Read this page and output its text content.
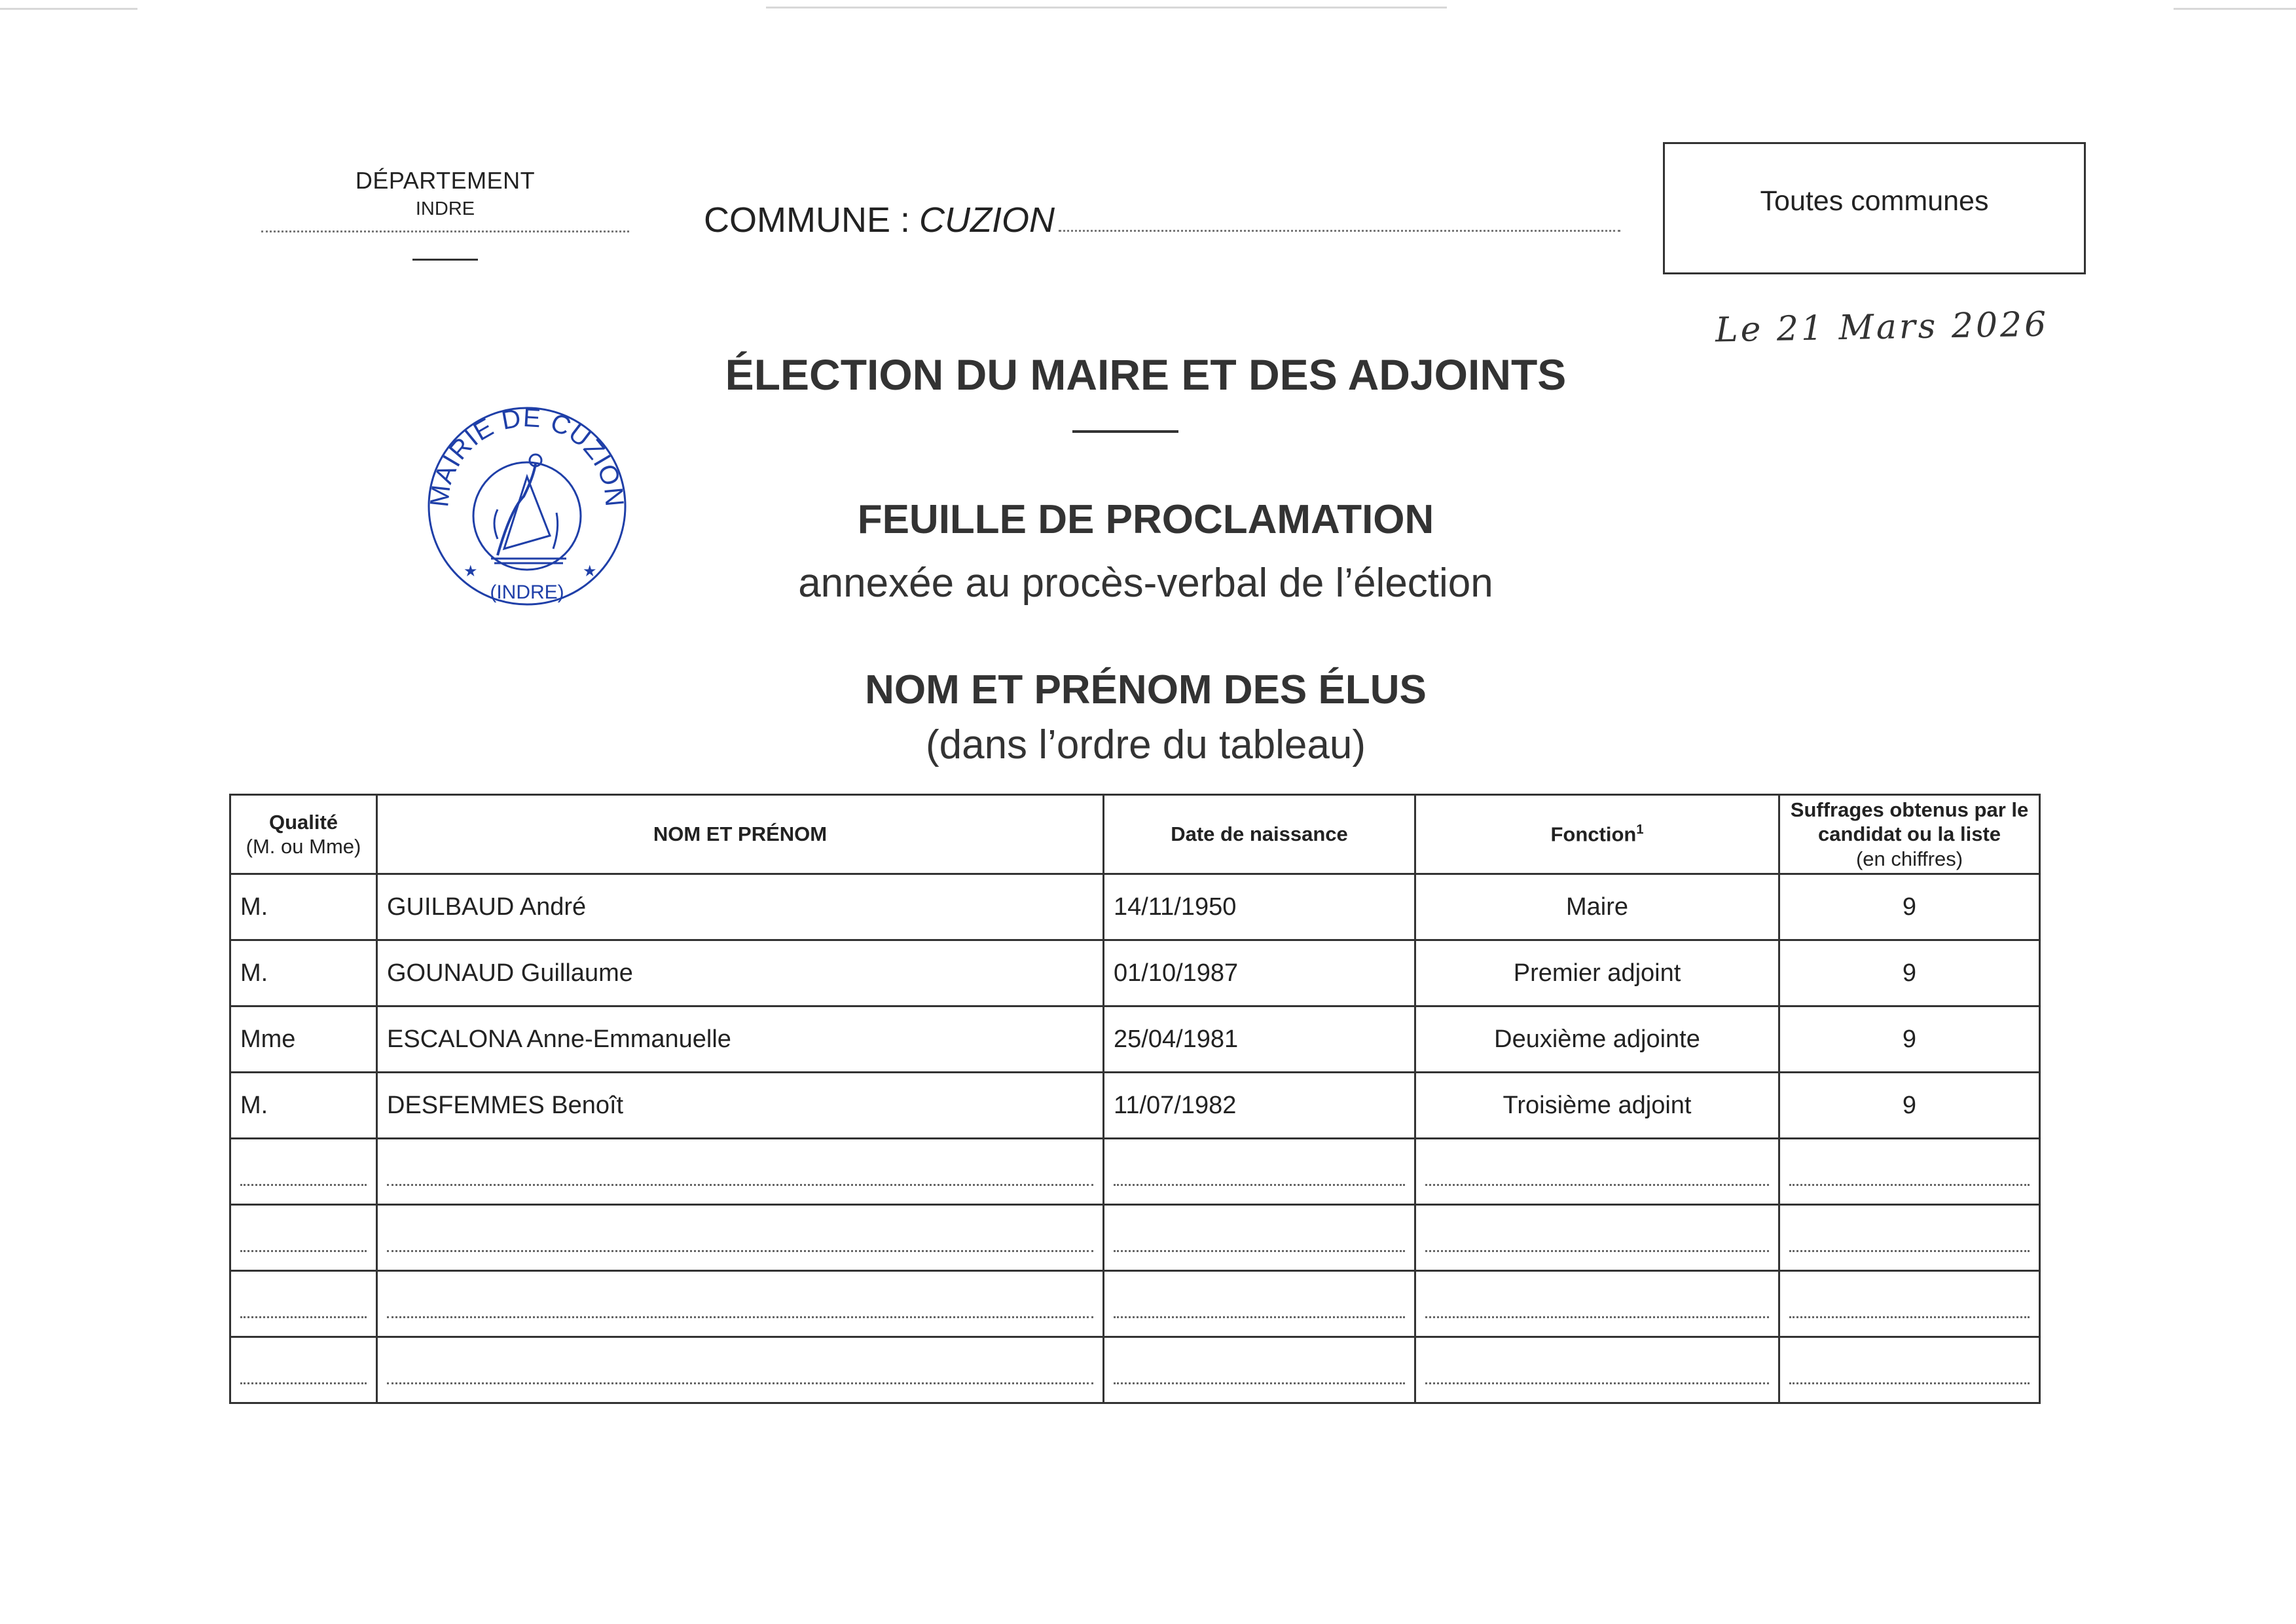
DÉPARTEMENT
INDRE	COMMUNE : CUZION	Toutes communes
Le 21 Mars 2026
ÉLECTION DU MAIRE ET DES ADJOINTS
FEUILLE DE PROCLAMATION
annexée au procès-verbal de l’élection
NOM ET PRÉNOM DES ÉLUS
(dans l’ordre du tableau)
MAIRIE DE CUZION
(INDRE)
★	★
Qualité
(M. ou Mme)	NOM ET PRÉNOM	Date de naissance	Fonction$^1$	Suffrages obtenus par le candidat ou la liste
(en chiffres)
M.	GUILBAUD André	14/11/1950	Maire	9
M.	GOUNAUD Guillaume	01/10/1987	Premier adjoint	9
Mme	ESCALONA Anne-Emmanuelle	25/04/1981	Deuxième adjointe	9
M.	DESFEMMES Benoît	11/07/1982	Troisième adjoint	9
